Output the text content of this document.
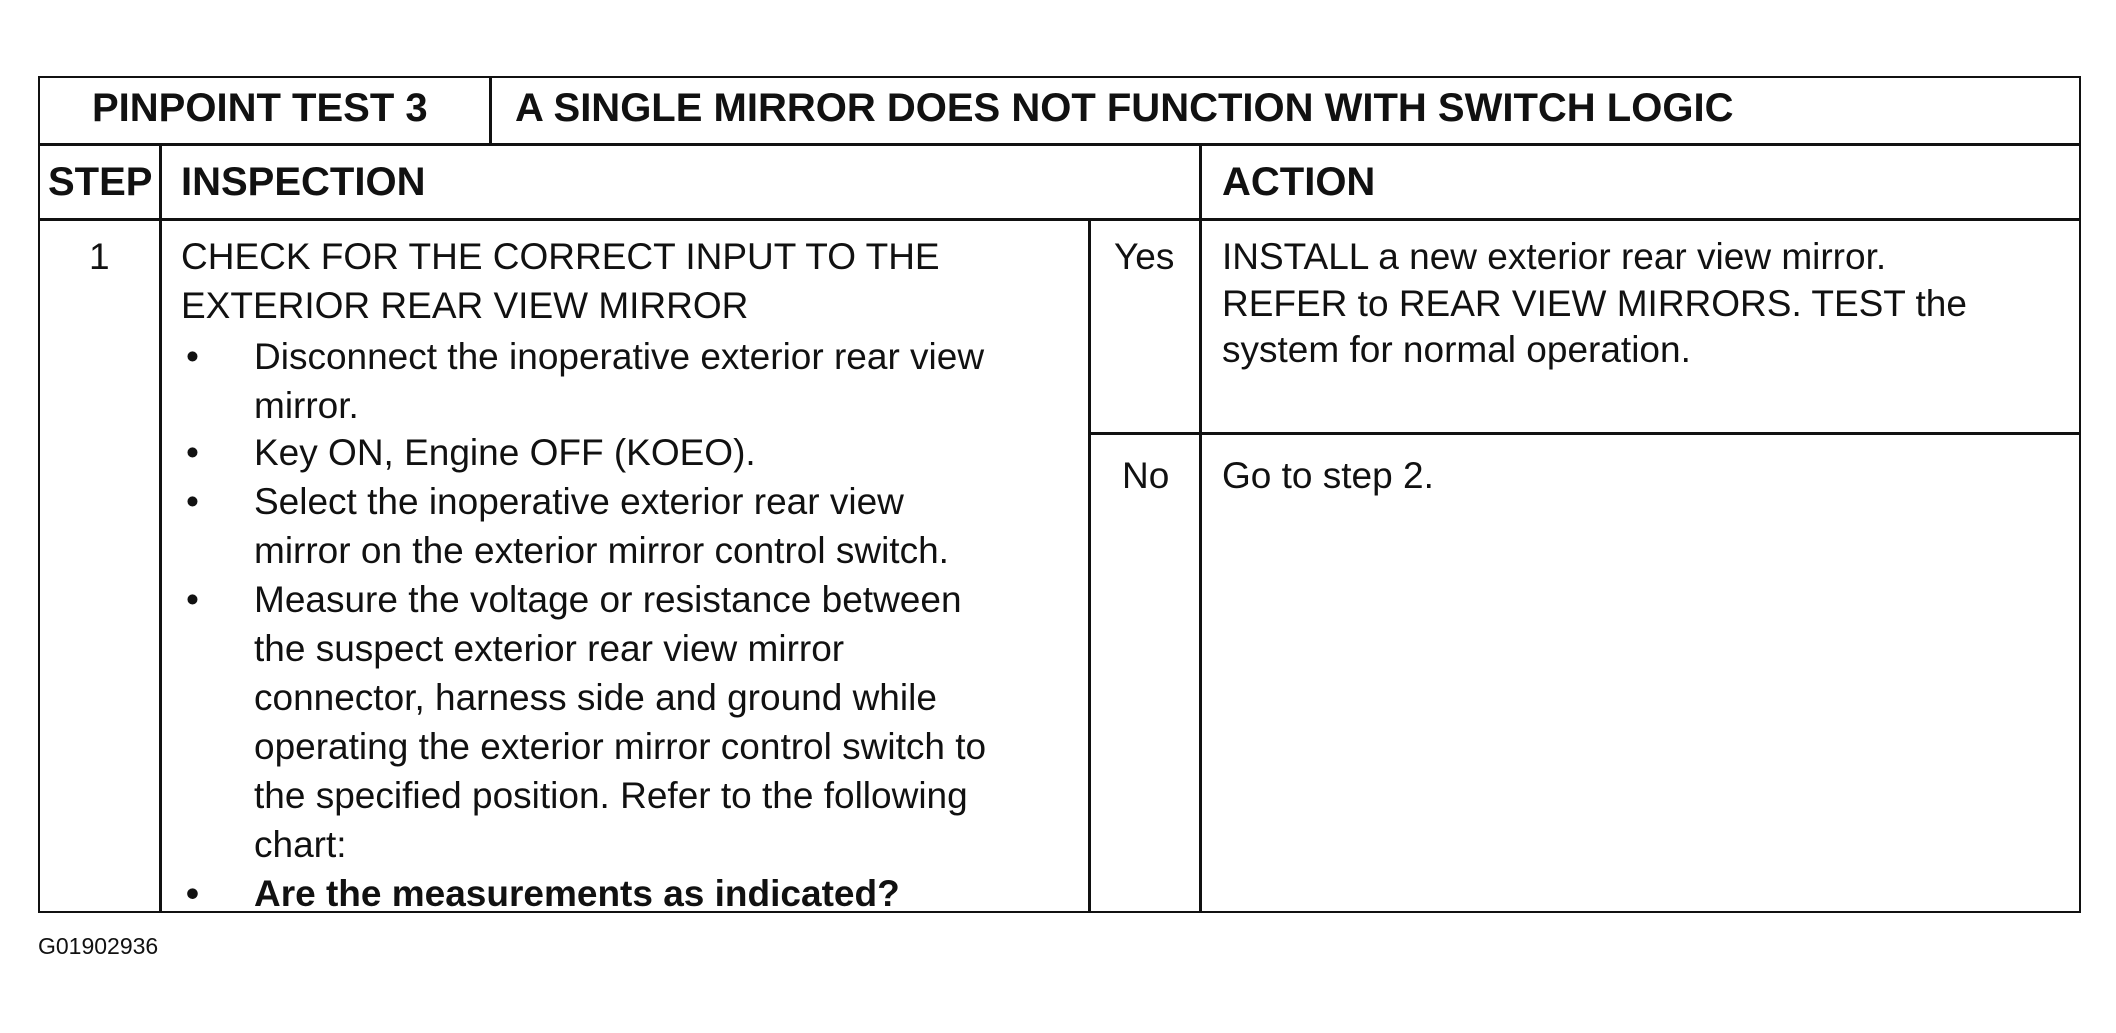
PINPOINT TEST 3 A SINGLE MIRROR DOES NOT FUNCTION WITH SWITCH LOGIC
STEP INSPECTION	ACTION
1 CHECK FOR THE CORRECT INPUT TO THE
EXTERIOR REAR VIEW MIRROR
• Disconnect the inoperative exterior rear view
mirror.
• Key ON, Engine OFF (KOEO).
• Select the inoperative exterior rear view
mirror on the exterior mirror control switch.
• Measure the voltage or resistance between
the suspect exterior rear view mirror
connector, harness side and ground while
operating the exterior mirror control switch to
the specified position. Refer to the following
chart:
• Are the measurements as indicated?
Yes INSTALL a new exterior rear view mirror.
REFER to REAR VIEW MIRRORS. TEST the
system for normal operation.
No Go to step 2.
G01902936
